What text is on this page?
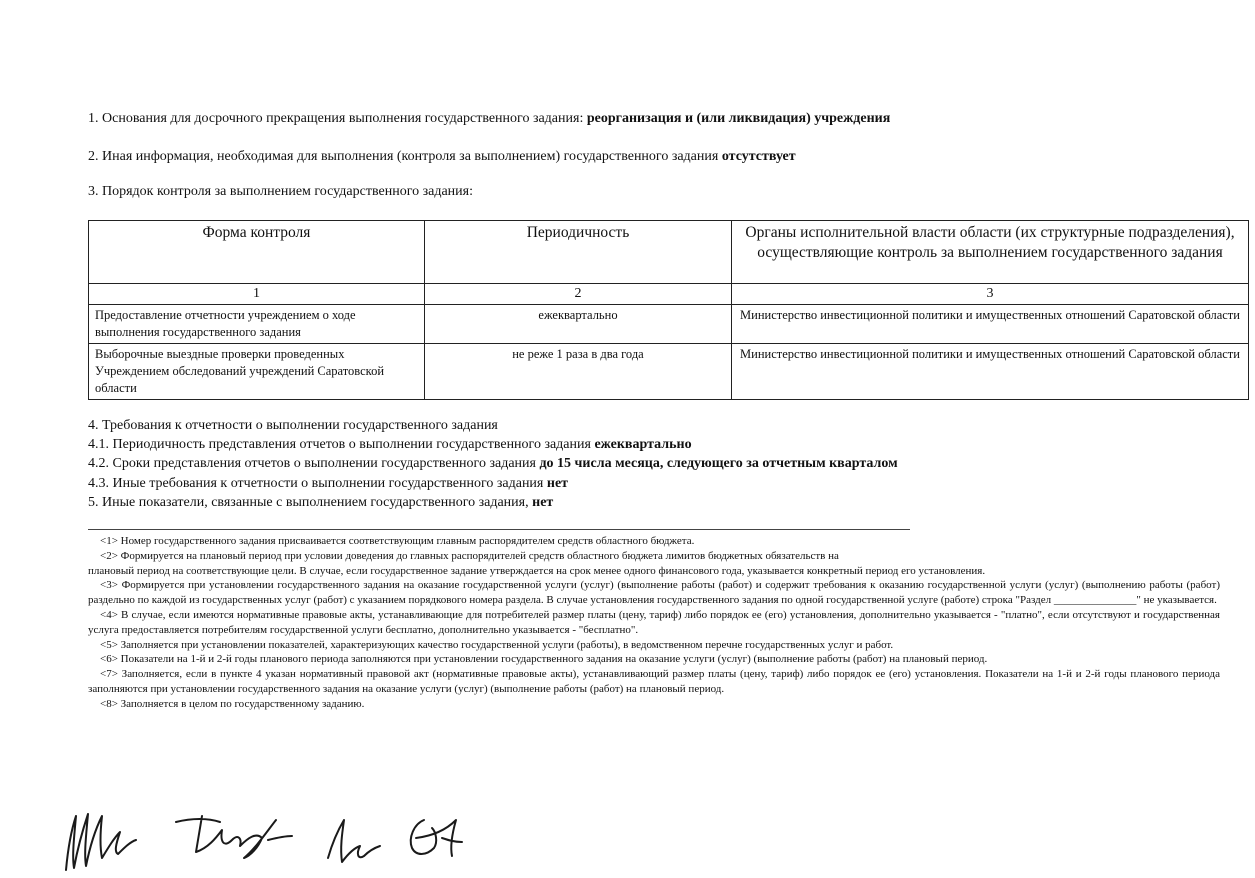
1. Основания для досрочного прекращения выполнения государственного задания: реорганизация и (или ликвидация) учреждения
2. Иная информация, необходимая для выполнения (контроля за выполнением) государственного задания отсутствует
3. Порядок контроля за выполнением государственного задания:
Форма контроля	Периодичность	Органы исполнительной власти области (их структурные подразделения), осуществляющие контроль за выполнением государственного задания
1	2	3
Предоставление отчетности учреждением о ходе выполнения государственного задания	ежеквартально	Министерство инвестиционной политики и имущественных отношений Саратовской области
Выборочные выездные проверки проведенных Учреждением обследований учреждений Саратовской области	не реже 1 раза в два года	Министерство инвестиционной политики и имущественных отношений Саратовской области
4. Требования к отчетности о выполнении государственного задания
4.1. Периодичность представления отчетов о выполнении государственного задания ежеквартально
4.2. Сроки представления отчетов о выполнении государственного задания до 15 числа месяца, следующего за отчетным кварталом
4.3. Иные требования к отчетности о выполнении государственного задания нет
5. Иные показатели, связанные с выполнением государственного задания, нет

<1> Номер государственного задания присваивается соответствующим главным распорядителем средств областного бюджета.

<2> Формируется на плановый период при условии доведения до главных распорядителей средств областного бюджета лимитов бюджетных обязательств на

плановый период на соответствующие цели. В случае, если государственное задание утверждается на срок менее одного финансового года, указывается конкретный период его установления.

<3> Формируется при установлении государственного задания на оказание государственной услуги (услуг) (выполнение работы (работ) и содержит требования к оказанию государственной услуги (услуг) (выполнению работы (работ) раздельно по каждой из государственных услуг (работ) с указанием порядкового номера раздела. В случае установления государственного задания по одной государственной услуге (работе) строка "Раздел _______________" не указывается.

<4> В случае, если имеются нормативные правовые акты, устанавливающие для потребителей размер платы (цену, тариф) либо порядок ее (его) установления, дополнительно указывается - "платно", если отсутствуют и государственная услуга предоставляется потребителям государственной услуги бесплатно, дополнительно указывается - "бесплатно".

<5> Заполняется при установлении показателей, характеризующих качество государственной услуги (работы), в ведомственном перечне государственных услуг и работ.

<6> Показатели на 1-й и 2-й годы планового периода заполняются при установлении государственного задания на оказание услуги (услуг) (выполнение работы (работ) на плановый период.

<7> Заполняется, если в пункте 4 указан нормативный правовой акт (нормативные правовые акты), устанавливающий размер платы (цену, тариф) либо порядок ее (его) установления. Показатели на 1-й и 2-й годы планового периода заполняются при установлении государственного задания на оказание услуги (услуг) (выполнение работы (работ) на плановый период.

<8> Заполняется в целом по государственному заданию.
